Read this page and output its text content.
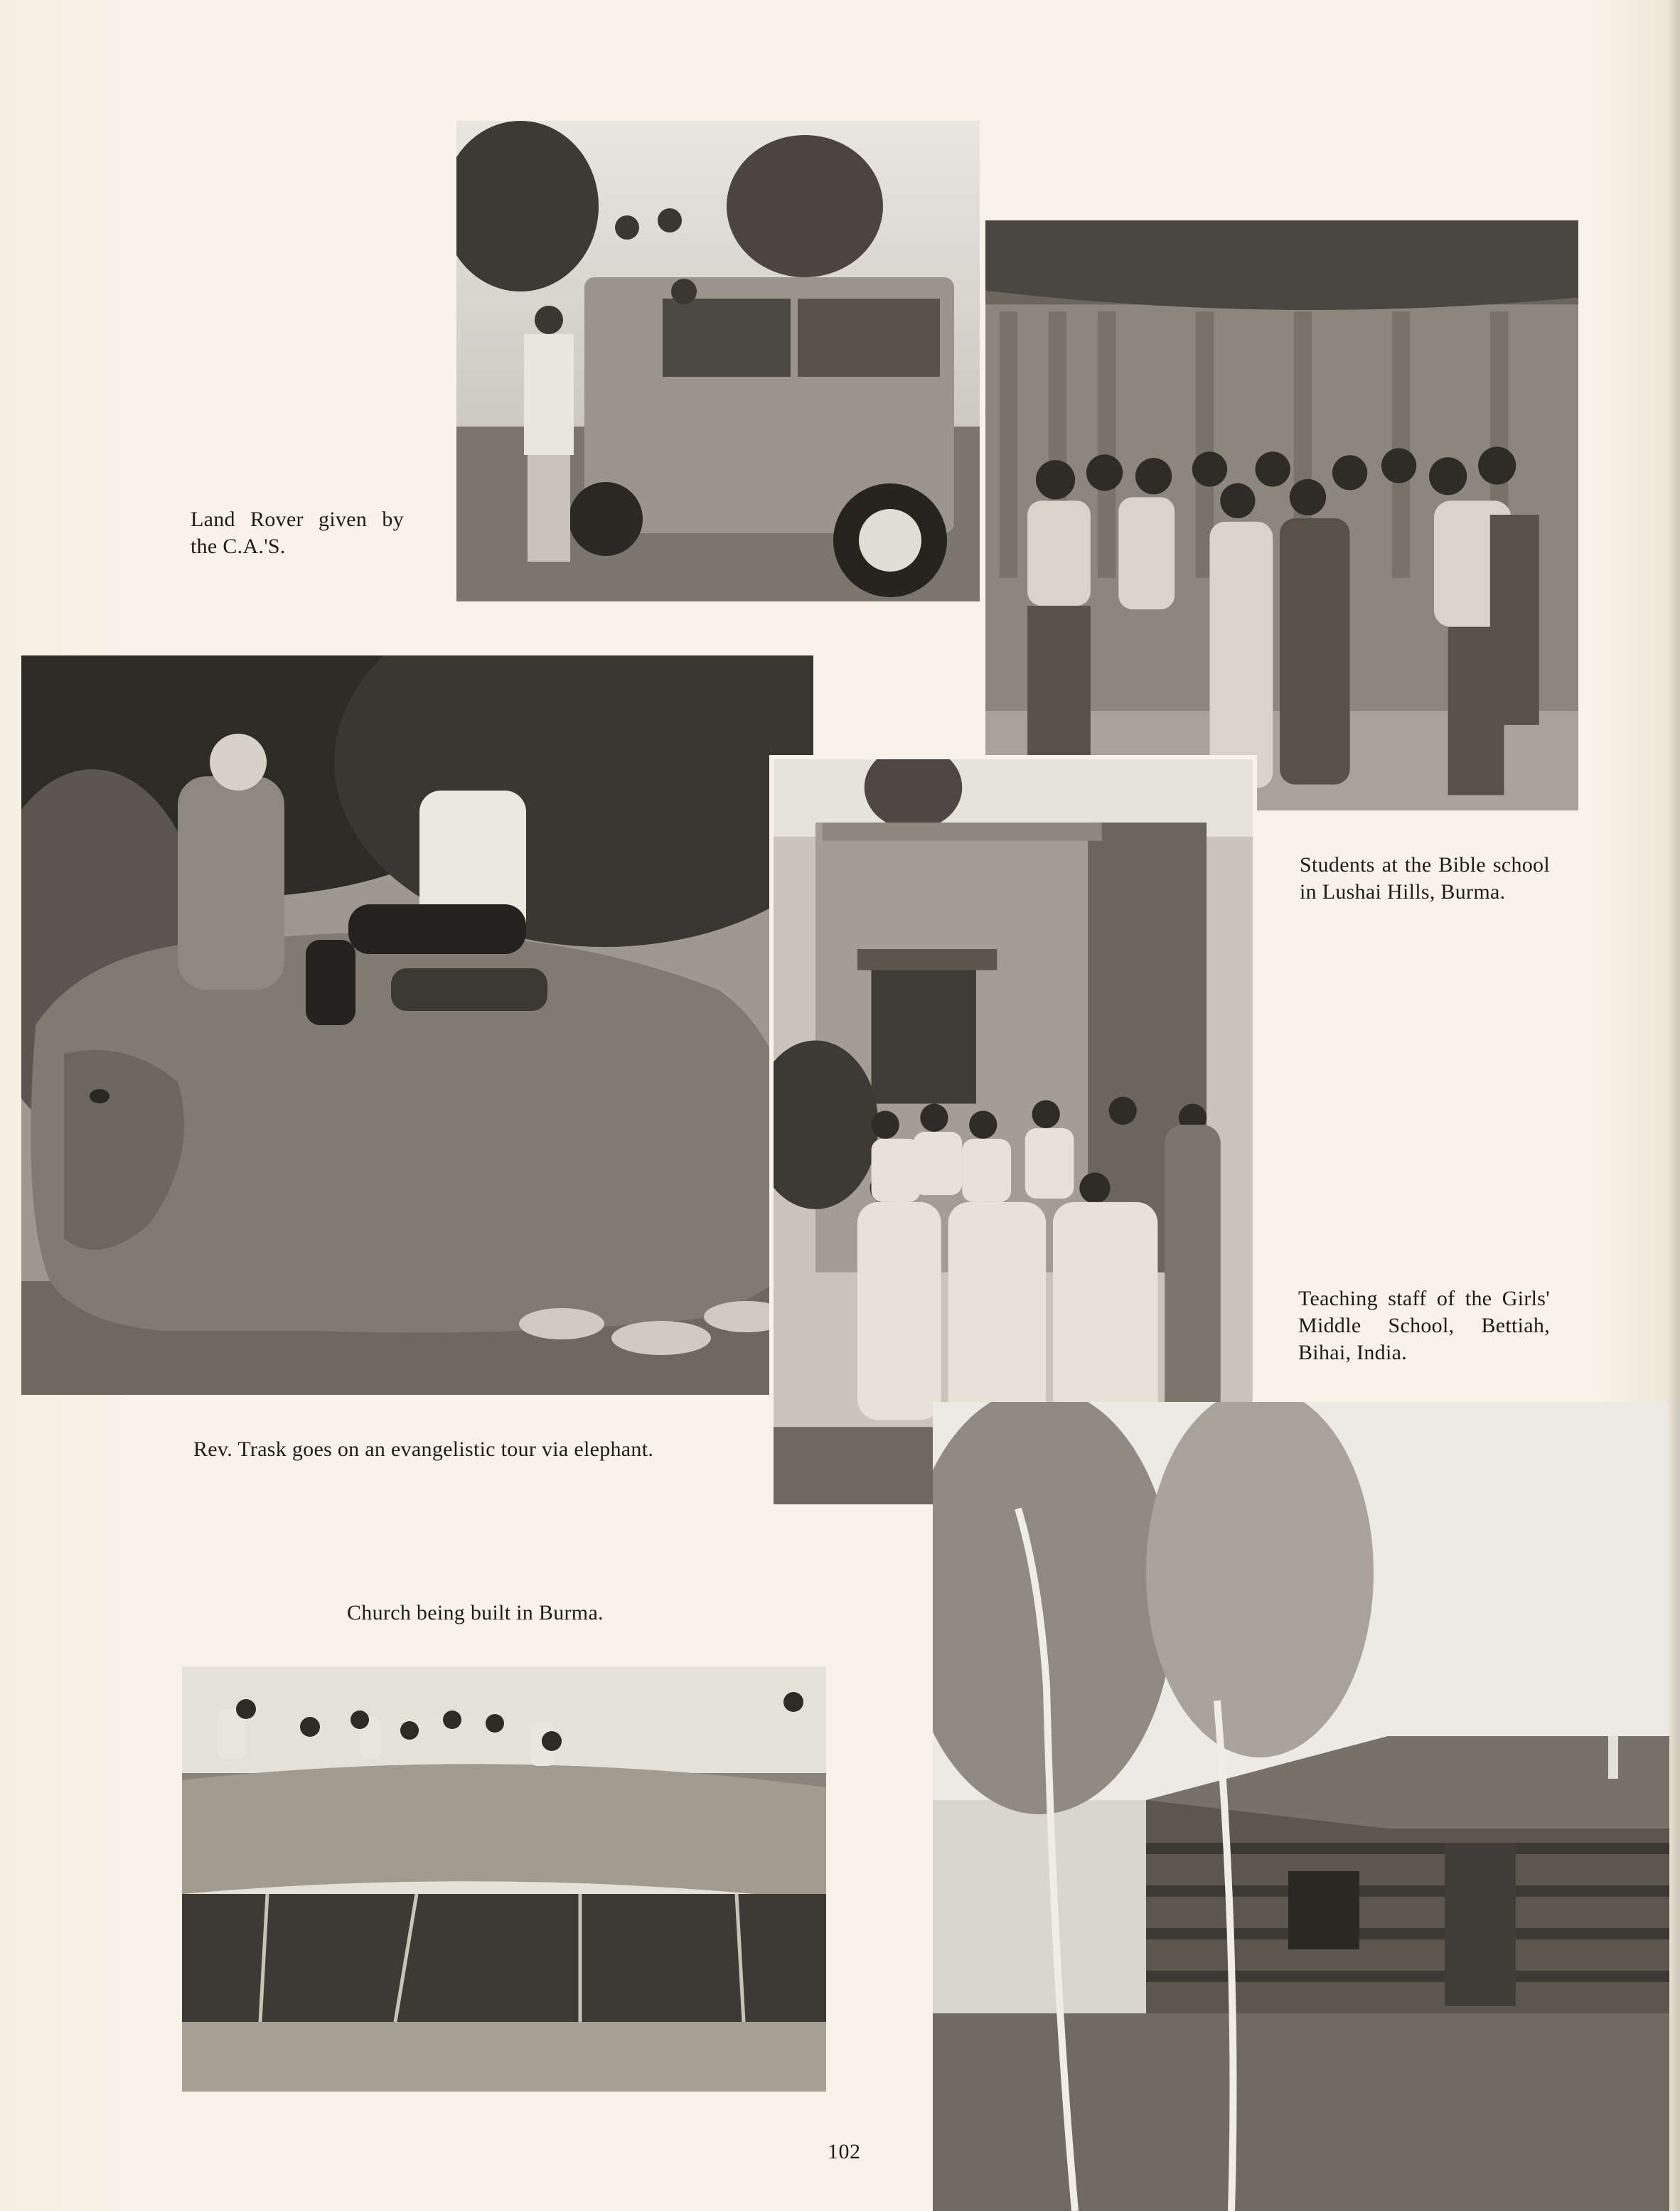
Land Rover given by the C.A.'S.
Students at the Bible school in Lushai Hills, Burma.
Teaching staff of the Girls' Middle School, Bettiah, Bihai, India.
Rev. Trask goes on an evangelistic tour via elephant.
Church being built in Burma.
102
